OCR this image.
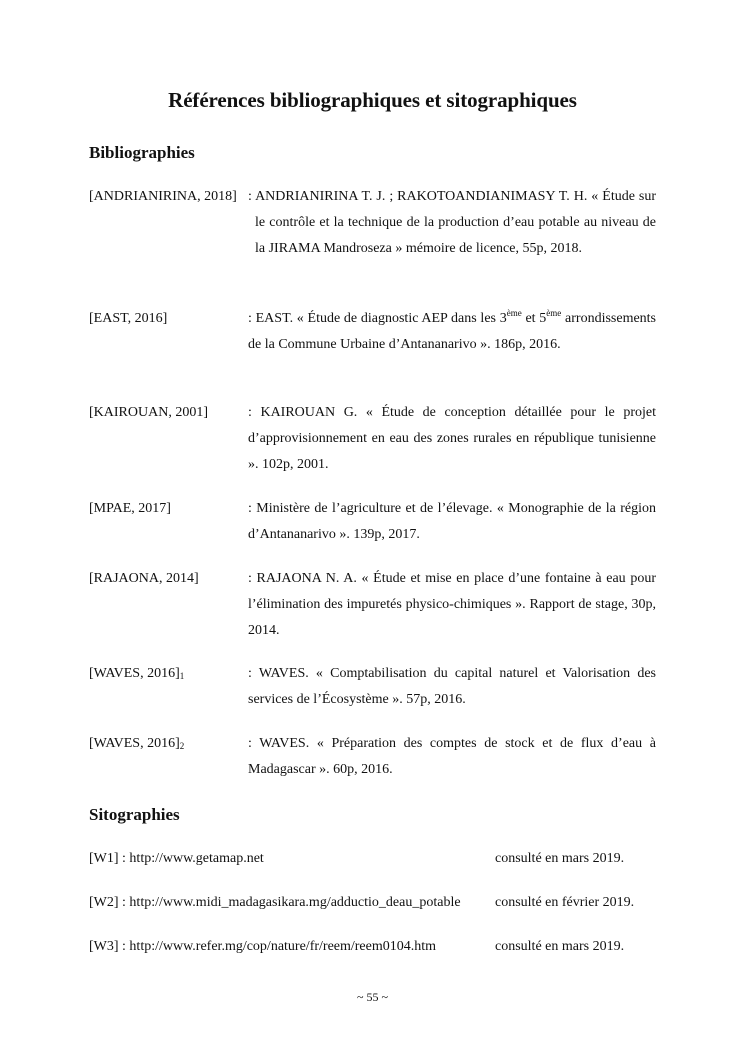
Références bibliographiques et sitographiques
Bibliographies
[ANDRIANIRINA, 2018] : ANDRIANIRINA T. J. ; RAKOTOANDIANIMASY T. H. « Étude sur le contrôle et la technique de la production d’eau potable au niveau de la JIRAMA Mandroseza » mémoire de licence, 55p, 2018.
[EAST, 2016]	: EAST. « Étude de diagnostic AEP dans les 3ème et 5ème arrondissements de la Commune Urbaine d’Antananarivo ». 186p, 2016.
[KAIROUAN, 2001]	: KAIROUAN G. « Étude de conception détaillée pour le projet d’approvisionnement en eau des zones rurales en république tunisienne ». 102p, 2001.
[MPAE, 2017]	: Ministère de l’agriculture et de l’élevage. « Monographie de la région d’Antananarivo ». 139p, 2017.
[RAJAONA, 2014]	: RAJAONA N. A. « Étude et mise en place d’une fontaine à eau pour l’élimination des impuretés physico-chimiques ». Rapport de stage, 30p, 2014.
[WAVES, $2016]_1$	: WAVES. « Comptabilisation du capital naturel et Valorisation des services de l’Écosystème ». 57p, 2016.
[WAVES, $2016]_2$	: WAVES. « Préparation des comptes de stock et de flux d’eau à Madagascar ». 60p, 2016.
Sitographies
[W1] : http://www.getamap.net	consulté en mars 2019.
[W2] : http://www.midi_madagasikara.mg/adductio_deau_potable consulté en février 2019.
[W3] : http://www.refer.mg/cop/nature/fr/reem/reem0104.htm	consulté en mars 2019.
~ 55 ~
